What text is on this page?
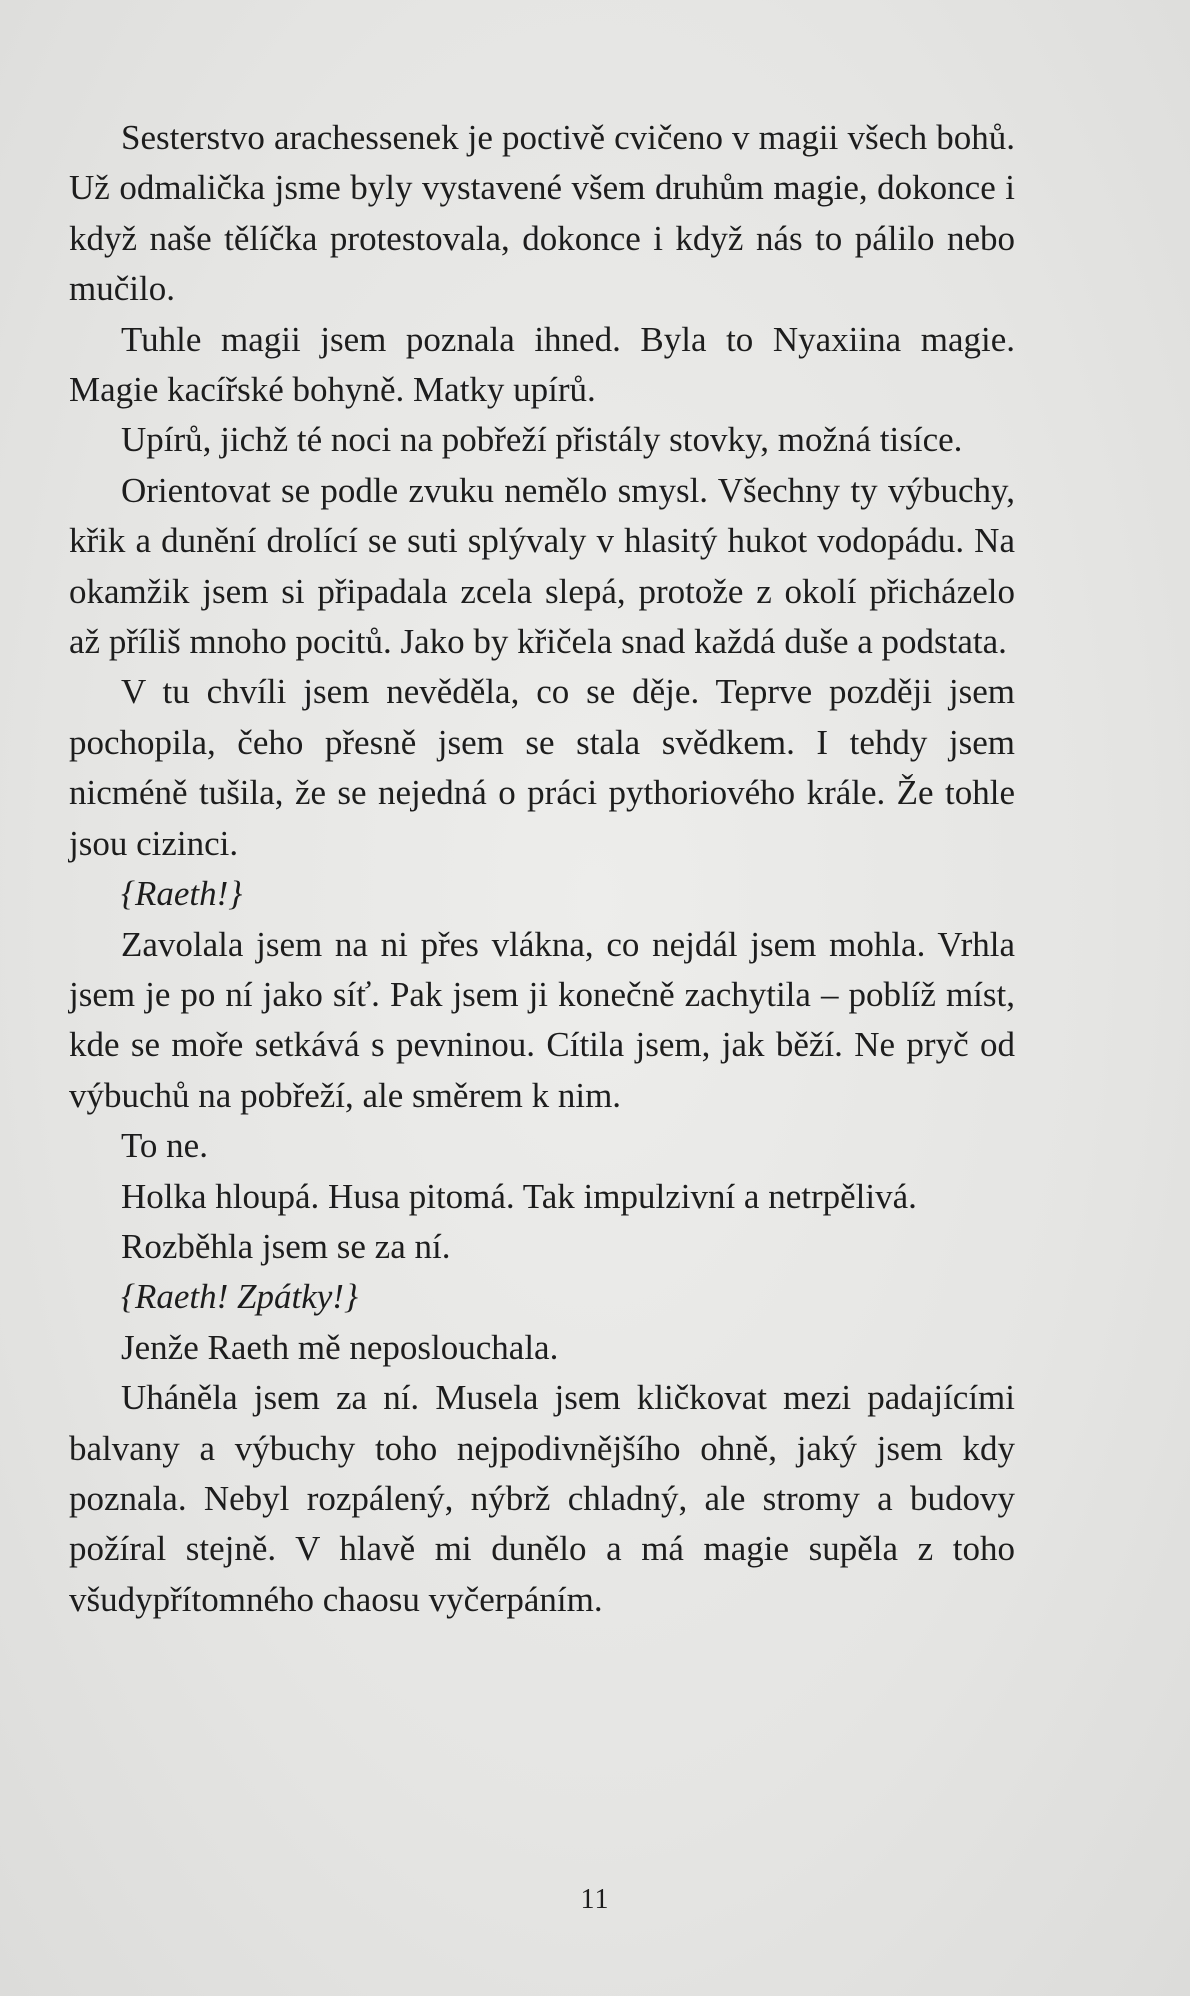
Sesterstvo arachessenek je poctivě cvičeno v magii všech bohů. Už odmalička jsme byly vystavené všem druhům magie, dokonce i když naše tělíčka protestovala, dokonce i když nás to pálilo nebo mučilo.

Tuhle magii jsem poznala ihned. Byla to Nyaxiina magie. Magie kacířské bohyně. Matky upírů.

Upírů, jichž té noci na pobřeží přistály stovky, možná tisíce.

Orientovat se podle zvuku nemělo smysl. Všechny ty výbuchy, křik a dunění drolící se suti splývaly v hlasitý hukot vodopádu. Na okamžik jsem si připadala zcela slepá, protože z okolí přicházelo až příliš mnoho pocitů. Jako by křičela snad každá duše a podstata.

V tu chvíli jsem nevěděla, co se děje. Teprve později jsem pochopila, čeho přesně jsem se stala svědkem. I tehdy jsem nicméně tušila, že se nejedná o práci pythoriového krále. Že tohle jsou cizinci.

{Raeth!}

Zavolala jsem na ni přes vlákna, co nejdál jsem mohla. Vrhla jsem je po ní jako síť. Pak jsem ji konečně zachytila – poblíž míst, kde se moře setkává s pevninou. Cítila jsem, jak běží. Ne pryč od výbuchů na pobřeží, ale směrem k nim.

To ne.

Holka hloupá. Husa pitomá. Tak impulzivní a netrpělivá.

Rozběhla jsem se za ní.

{Raeth! Zpátky!}

Jenže Raeth mě neposlouchala.

Uháněla jsem za ní. Musela jsem kličkovat mezi padajícími balvany a výbuchy toho nejpodivnějšího ohně, jaký jsem kdy poznala. Nebyl rozpálený, nýbrž chladný, ale stromy a budovy požíral stejně. V hlavě mi dunělo a má magie supěla z toho všudypřítomného chaosu vyčerpáním.

11
